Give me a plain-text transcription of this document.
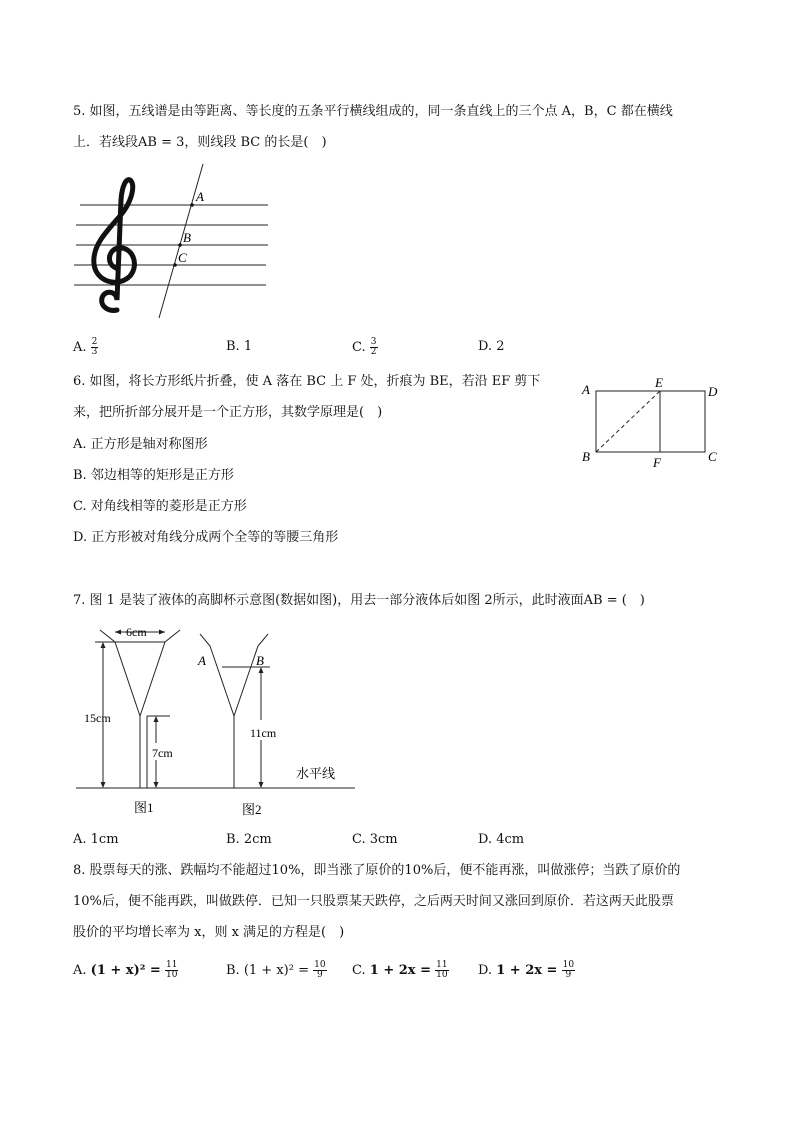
5. 如图，五线谱是由等距离、等长度的五条平行横线组成的，同一条直线上的三个点 A，B，C 都在横线
上．若线段AB = 3，则线段 BC 的长是(　)
A
B
C
A. $\frac{2}{3}$	B. 1	C. $\frac{3}{2}$	D. 2
6. 如图，将长方形纸片折叠，使 A 落在 BC 上 F 处，折痕为 BE，若沿 EF 剪下
来，把所折部分展开是一个正方形，其数学原理是(　)
A	E
D
B	F	C
A. 正方形是轴对称图形
B. 邻边相等的矩形是正方形
C. 对角线相等的菱形是正方形
D. 正方形被对角线分成两个全等的等腰三角形
7. 图 1 是装了液体的高脚杯示意图(数据如图)，用去一部分液体后如图 2所示，此时液面AB = (　)
6cm
15cm
7cm
11cm
A	B
水平线
图1	图2
A. 1cm	B. 2cm	C. 3cm	D. 4cm
8. 股票每天的涨、跌幅均不能超过10%，即当涨了原价的10%后，便不能再涨，叫做涨停；当跌了原价的
10%后，便不能再跌，叫做跌停．已知一只股票某天跌停，之后两天时间又涨回到原价．若这两天此股票
股价的平均增长率为 x，则 x 满足的方程是(　)
A. $(1 + x)^2 = \frac{11}{10}$	B. $(1 + x)^2 = \frac{10}{9} C$. $1 + 2x = \frac{11}{10} D$. $1 + 2x = \frac{10}{9}$
